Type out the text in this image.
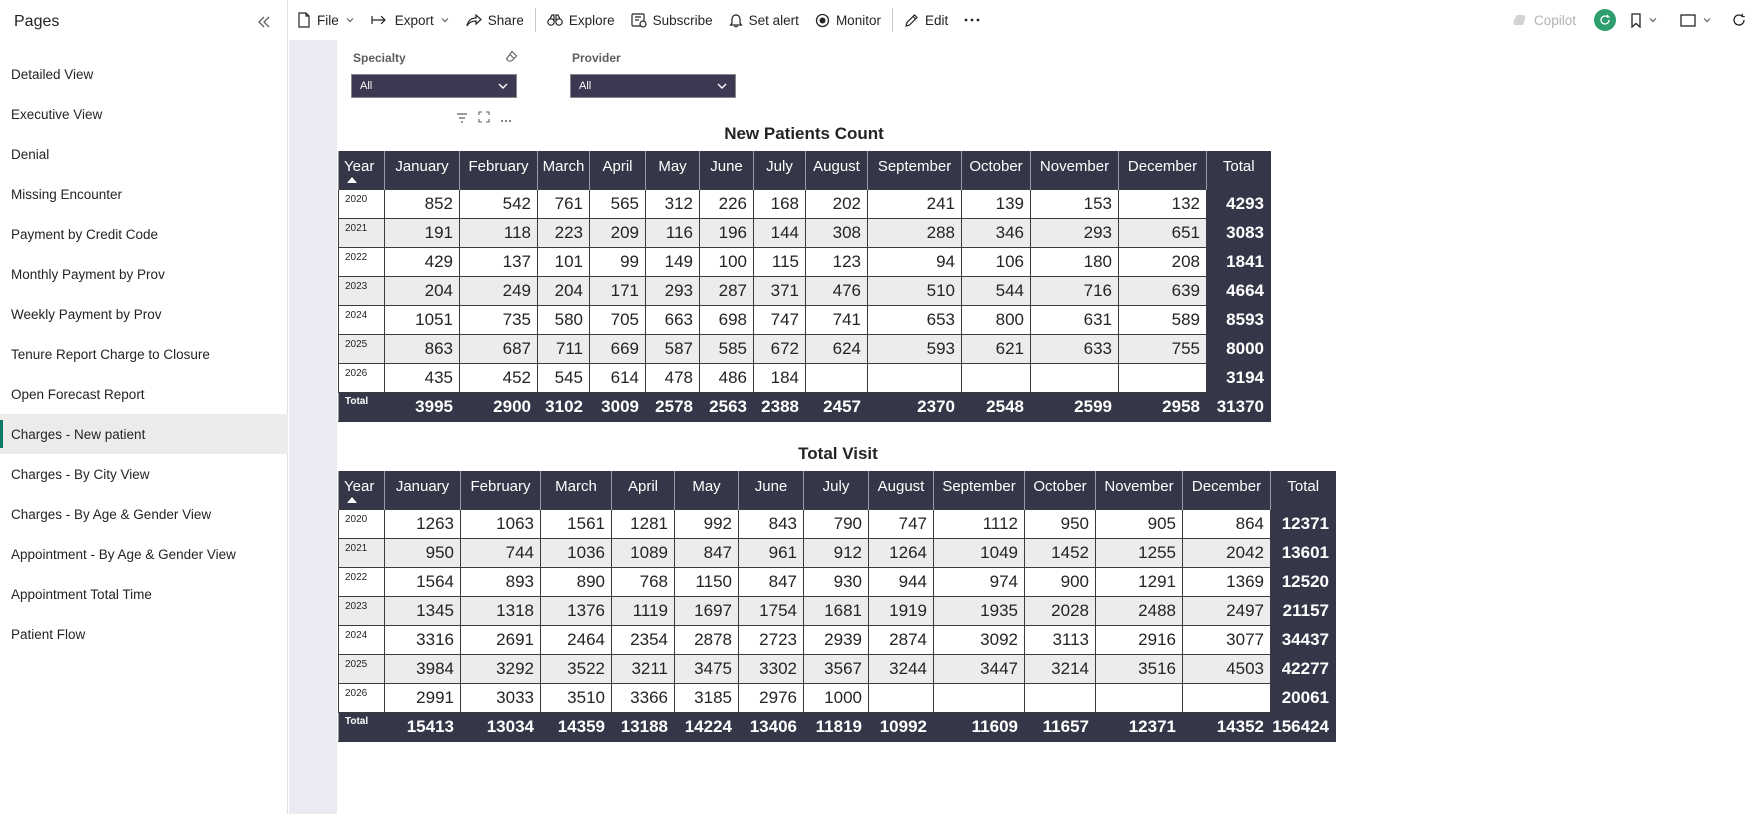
Pages
Detailed View
Executive View
Denial
Missing Encounter
Payment by Credit Code
Monthly Payment by Prov
Weekly Payment by Prov
Tenure Report Charge to Closure
Open Forecast Report
Charges - New patient
Charges - By City View
Charges - By Age & Gender View
Appointment - By Age & Gender View
Appointment Total Time
Patient Flow
File	Export	Share	Explore	Subscribe	Set alert	Monitor	Edit	Copilot
Specialty
All
Provider
All
New Patients Count
Year	January	February	March	April	May	June	July	August	September	October	November	December	Total
2020	852	542	761	565	312	226	168	202	241	139	153	132	4293
2021	191	118	223	209	116	196	144	308	288	346	293	651	3083
2022	429	137	101	99	149	100	115	123	94	106	180	208	1841
2023	204	249	204	171	293	287	371	476	510	544	716	639	4664
2024	1051	735	580	705	663	698	747	741	653	800	631	589	8593
2025	863	687	711	669	587	585	672	624	593	621	633	755	8000
2026	435	452	545	614	478	486	184						3194
Total	3995	2900	3102	3009	2578	2563	2388	2457	2370	2548	2599	2958	31370
Total Visit
Year	January	February	March	April	May	June	July	August	September	October	November	December	Total
2020	1263	1063	1561	1281	992	843	790	747	1112	950	905	864	12371
2021	950	744	1036	1089	847	961	912	1264	1049	1452	1255	2042	13601
2022	1564	893	890	768	1150	847	930	944	974	900	1291	1369	12520
2023	1345	1318	1376	1119	1697	1754	1681	1919	1935	2028	2488	2497	21157
2024	3316	2691	2464	2354	2878	2723	2939	2874	3092	3113	2916	3077	34437
2025	3984	3292	3522	3211	3475	3302	3567	3244	3447	3214	3516	4503	42277
2026	2991	3033	3510	3366	3185	2976	1000						20061
Total	15413	13034	14359	13188	14224	13406	11819	10992	11609	11657	12371	14352	156424
